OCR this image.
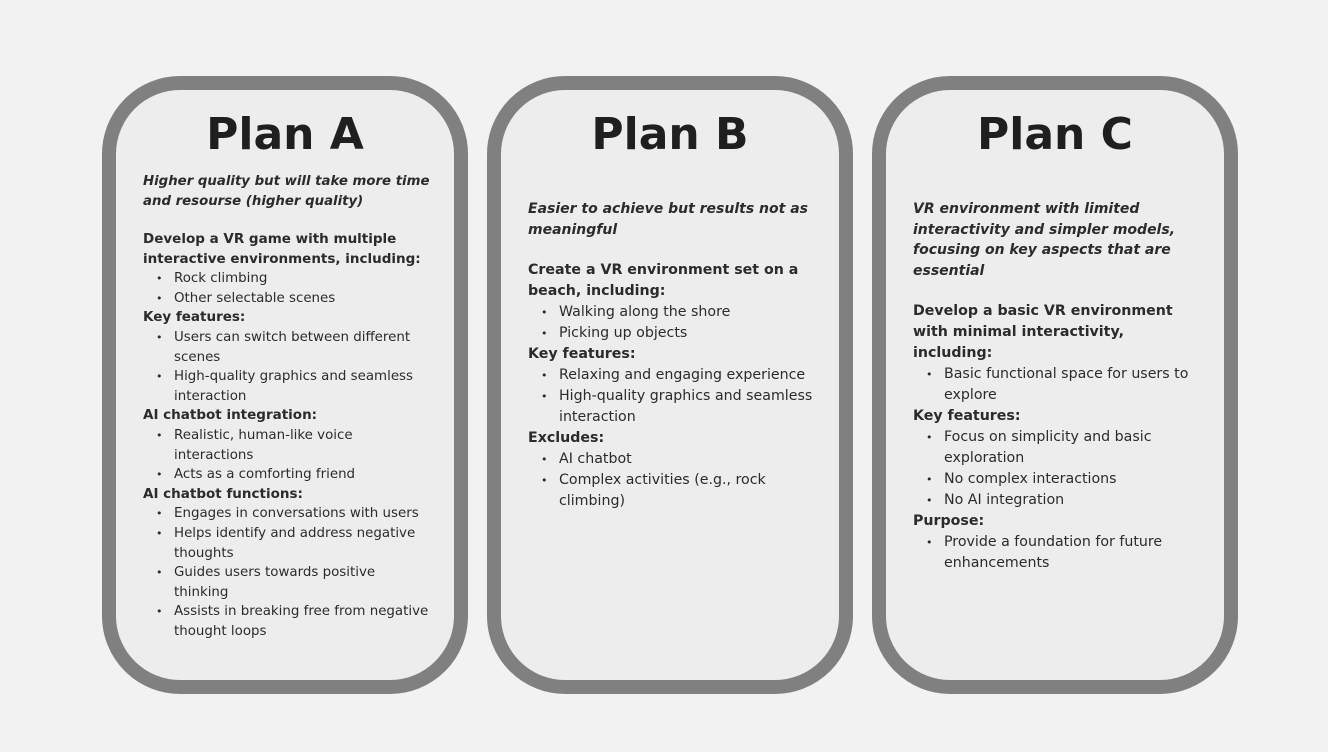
Plan A

Higher quality but will take more time and resourse (higher quality)

Develop a VR game with multiple interactive environments, including:

• Rock climbing
• Other selectable scenes

Key features:

• Users can switch between different scenes
• High-quality graphics and seamless interaction

AI chatbot integration:

• Realistic, human-like voice interactions
• Acts as a comforting friend

AI chatbot functions:

• Engages in conversations with users
• Helps identify and address negative thoughts
• Guides users towards positive thinking
• Assists in breaking free from negative thought loops
Plan B

Easier to achieve but results not as meaningful

Create a VR environment set on a beach, including:

• Walking along the shore
• Picking up objects

Key features:

• Relaxing and engaging experience
• High-quality graphics and seamless interaction

Excludes:

• AI chatbot
• Complex activities (e.g., rock climbing)
Plan C

VR environment with limited interactivity and simpler models, focusing on key aspects that are essential

Develop a basic VR environment with minimal interactivity, including:

• Basic functional space for users to explore

Key features:

• Focus on simplicity and basic exploration
• No complex interactions
• No AI integration

Purpose:

• Provide a foundation for future enhancements
